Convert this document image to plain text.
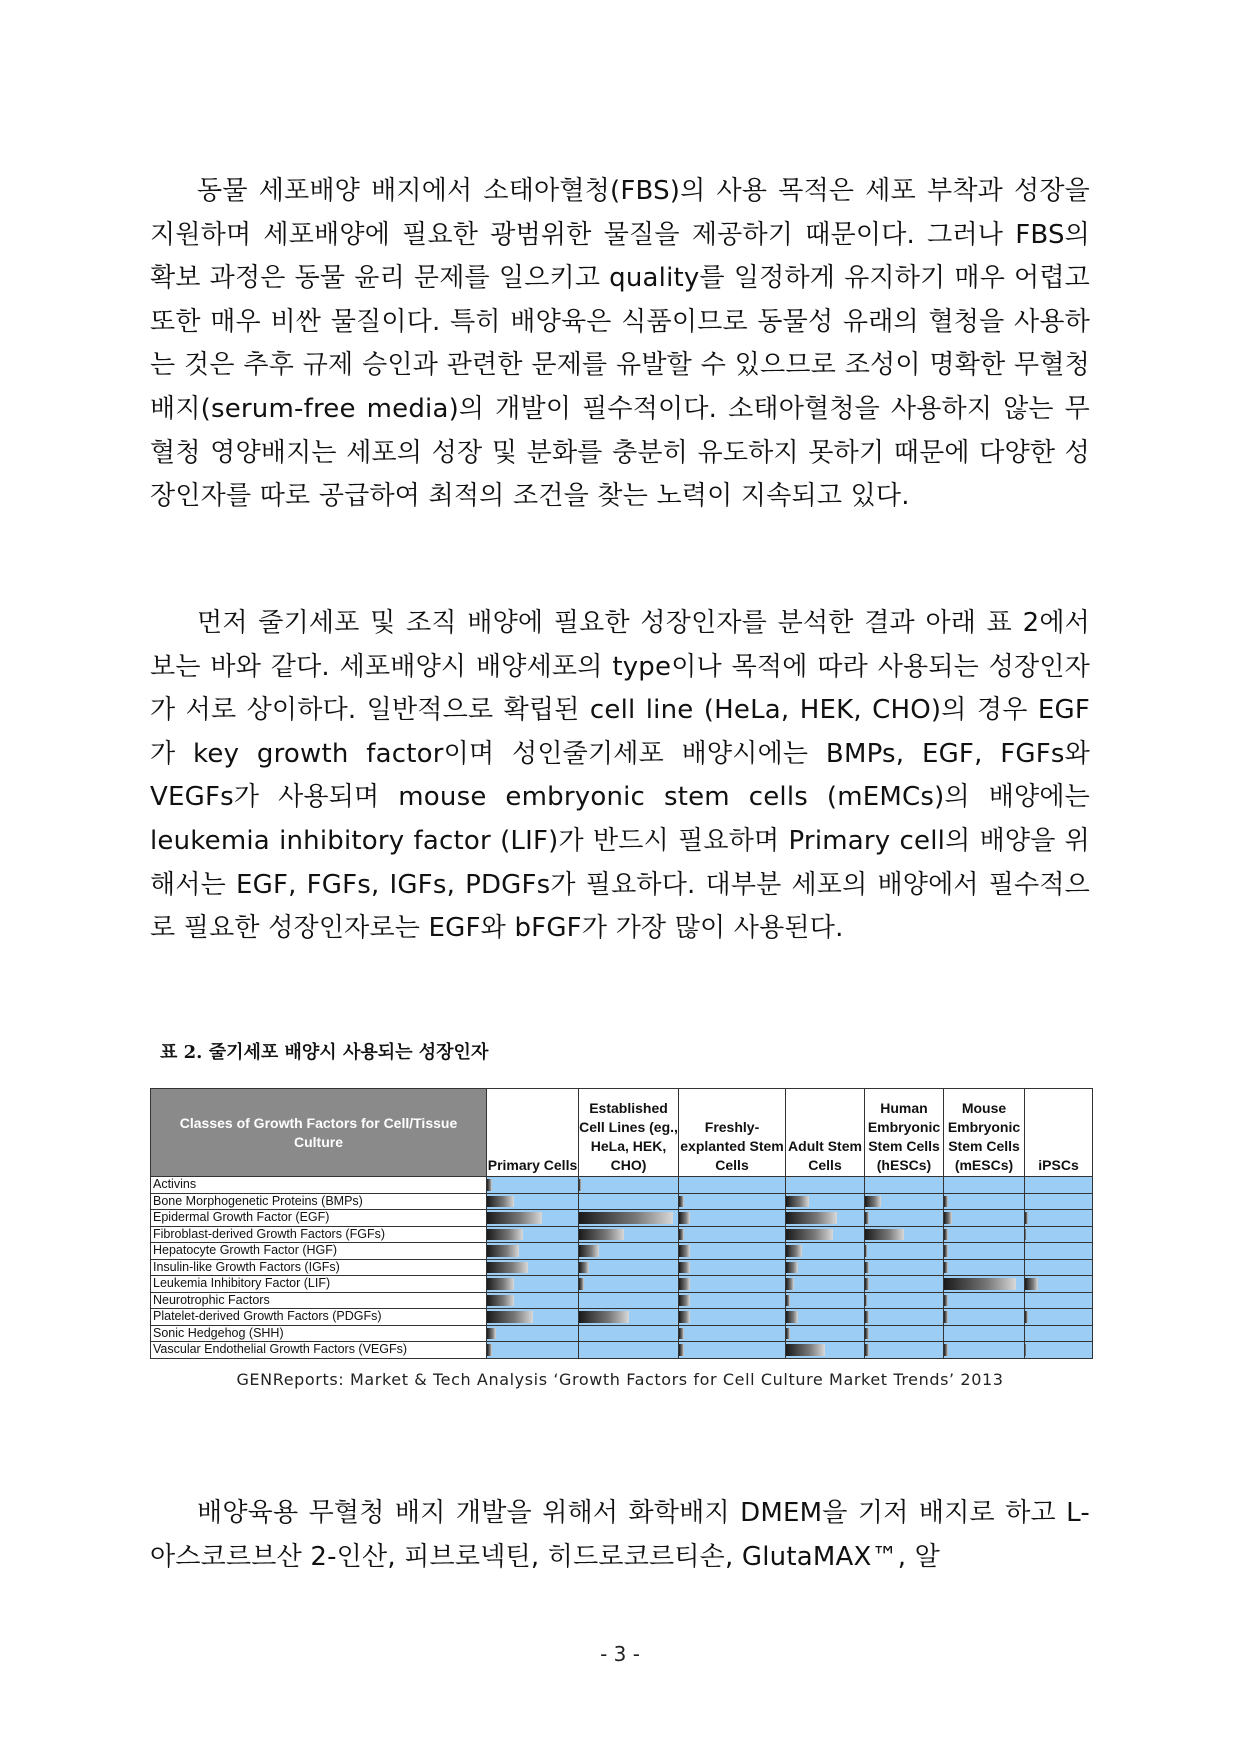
동물 세포배양 배지에서 소태아혈청(FBS)의 사용 목적은 세포 부착과 성장을 지원하며 세포배양에 필요한 광범위한 물질을 제공하기 때문이다. 그러나 FBS의 확보 과정은 동물 윤리 문제를 일으키고 quality를 일정하게 유지하기 매우 어렵고 또한 매우 비싼 물질이다. 특히 배양육은 식품이므로 동물성 유래의 혈청을 사용하는 것은 추후 규제 승인과 관련한 문제를 유발할 수 있으므로 조성이 명확한 무혈청 배지(serum-free media)의 개발이 필수적이다. 소태아혈청을 사용하지 않는 무혈청 영양배지는 세포의 성장 및 분화를 충분히 유도하지 못하기 때문에 다양한 성장인자를 따로 공급하여 최적의 조건을 찾는 노력이 지속되고 있다.

먼저 줄기세포 및 조직 배양에 필요한 성장인자를 분석한 결과 아래 표 2에서 보는 바와 같다. 세포배양시 배양세포의 type이나 목적에 따라 사용되는 성장인자가 서로 상이하다. 일반적으로 확립된 cell line (HeLa, HEK, CHO)의 경우 EGF가 key growth factor이며 성인줄기세포 배양시에는 BMPs, EGF, FGFs와 VEGFs가 사용되며 mouse embryonic stem cells (mEMCs)의 배양에는 leukemia inhibitory factor (LIF)가 반드시 필요하며 Primary cell의 배양을 위해서는 EGF, FGFs, IGFs, PDGFs가 필요하다. 대부분 세포의 배양에서 필수적으로 필요한 성장인자로는 EGF와 bFGF가 가장 많이 사용된다.

표 2. 줄기세포 배양시 사용되는 성장인자
Classes of Growth Factors for Cell/Tissue Culture	Primary Cells	Established Cell Lines (eg., HeLa, HEK, CHO)	Freshly-explanted Stem Cells	Adult Stem Cells	Human Embryonic Stem Cells (hESCs)	Mouse Embryonic Stem Cells (mESCs)	iPSCs
Activins	

Bone Morphogenetic Proteins (BMPs)	

Epidermal Growth Factor (EGF)	

Fibroblast-derived Growth Factors (FGFs)	

Hepatocyte Growth Factor (HGF)	

Insulin-like Growth Factors (IGFs)	

Leukemia Inhibitory Factor (LIF)	

Neurotrophic Factors	

Platelet-derived Growth Factors (PDGFs)	

Sonic Hedgehog (SHH)	

Vascular Endothelial Growth Factors (VEGFs)	

GENReports: Market & Tech Analysis ‘Growth Factors for Cell Culture Market Trends’ 2013

배양육용 무혈청 배지 개발을 위해서 화학배지 DMEM을 기저 배지로 하고 L-아스코르브산 2-인산, 피브로넥틴, 히드로코르티손, GlutaMAX™, 알

- 3 -
